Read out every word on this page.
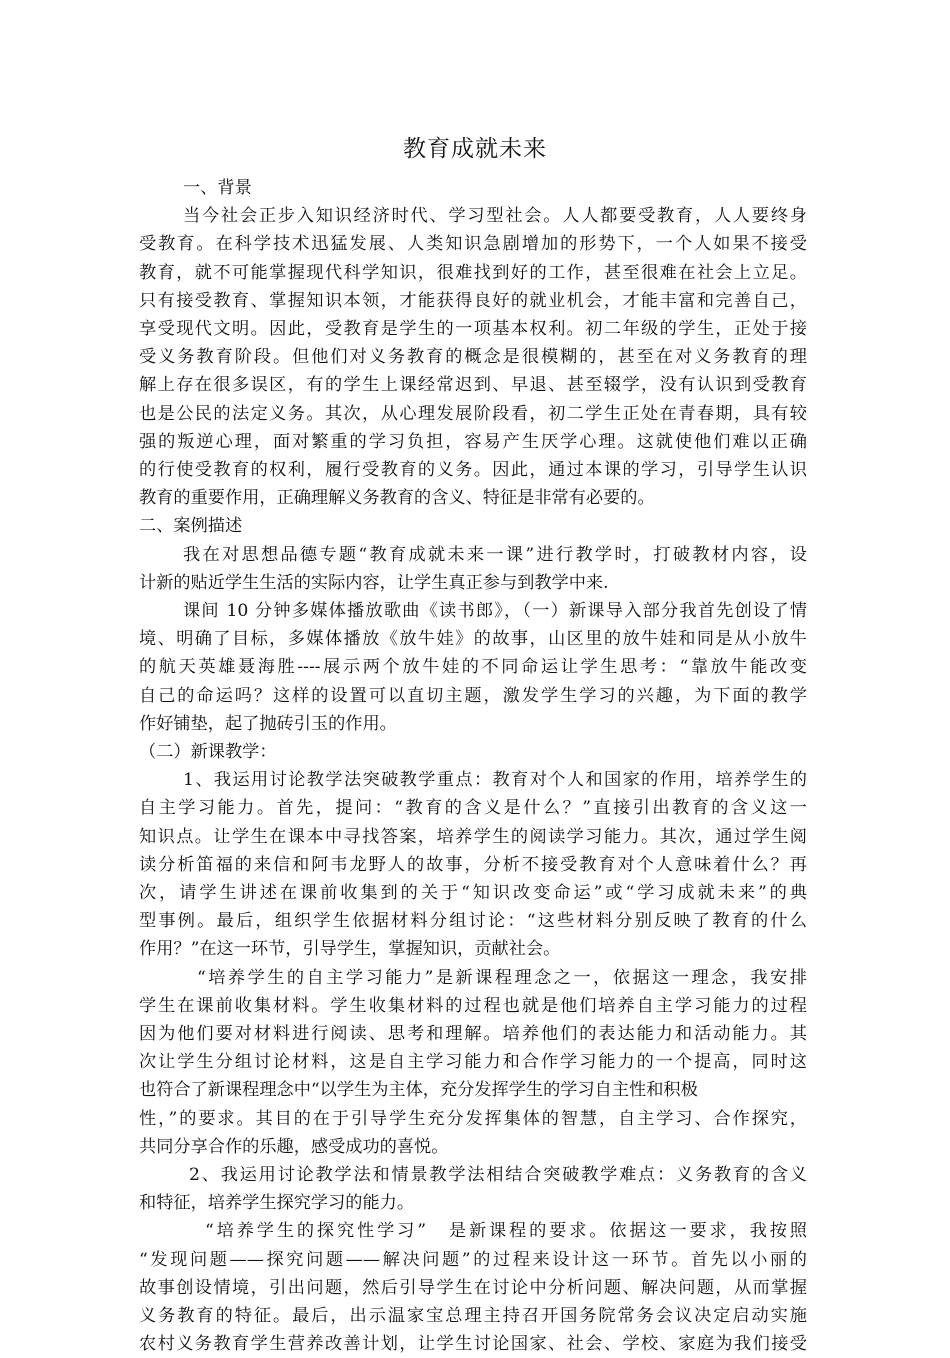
教育成就未来
一、背景
当今社会正步入知识经济时代、学习型社会。人人都要受教育，人人要终身
受教育。在科学技术迅猛发展、人类知识急剧增加的形势下，一个人如果不接受
教育，就不可能掌握现代科学知识，很难找到好的工作，甚至很难在社会上立足。
只有接受教育、掌握知识本领，才能获得良好的就业机会，才能丰富和完善自己，
享受现代文明。因此，受教育是学生的一项基本权利。初二年级的学生，正处于接
受义务教育阶段。但他们对义务教育的概念是很模糊的，甚至在对义务教育的理
解上存在很多误区，有的学生上课经常迟到、早退、甚至辍学，没有认识到受教育
也是公民的法定义务。其次，从心理发展阶段看，初二学生正处在青春期，具有较
强的叛逆心理，面对繁重的学习负担，容易产生厌学心理。这就使他们难以正确
的行使受教育的权利，履行受教育的义务。因此，通过本课的学习，引导学生认识
教育的重要作用，正确理解义务教育的含义、特征是非常有必要的。
二、案例描述
我在对思想品德专题“教育成就未来一课”进行教学时，打破教材内容，设
计新的贴近学生生活的实际内容，让学生真正参与到教学中来.
课间 10 分钟多媒体播放歌曲《读书郎》，（一）新课导入部分我首先创设了情
境、明确了目标，多媒体播放《放牛娃》的故事，山区里的放牛娃和同是从小放牛
的航天英雄聂海胜----展示两个放牛娃的不同命运让学生思考：“靠放牛能改变
自己的命运吗？这样的设置可以直切主题，激发学生学习的兴趣，为下面的教学
作好铺垫，起了抛砖引玉的作用。
（二）新课教学：
1、我运用讨论教学法突破教学重点：教育对个人和国家的作用，培养学生的
自主学习能力。首先，提问：“教育的含义是什么？”直接引出教育的含义这一
知识点。让学生在课本中寻找答案，培养学生的阅读学习能力。其次，通过学生阅
读分析笛福的来信和阿韦龙野人的故事，分析不接受教育对个人意味着什么？再
次，请学生讲述在课前收集到的关于“知识改变命运”或“学习成就未来”的典
型事例。最后，组织学生依据材料分组讨论：“这些材料分别反映了教育的什么
作用？”在这一环节，引导学生，掌握知识，贡献社会。
“培养学生的自主学习能力”是新课程理念之一，依据这一理念，我安排
学生在课前收集材料。学生收集材料的过程也就是他们培养自主学习能力的过程
因为他们要对材料进行阅读、思考和理解。培养他们的表达能力和活动能力。其
次让学生分组讨论材料，这是自主学习能力和合作学习能力的一个提高，同时这
也符合了新课程理念中“以学生为主体，充分发挥学生的学习自主性和积极
性，”的要求。其目的在于引导学生充分发挥集体的智慧，自主学习、合作探究，
共同分享合作的乐趣，感受成功的喜悦。
2、我运用讨论教学法和情景教学法相结合突破教学难点：义务教育的含义
和特征，培养学生探究学习的能力。
“培养学生的探究性学习”　是新课程的要求。依据这一要求，我按照
“发现问题——探究问题——解决问题”的过程来设计这一环节。首先以小丽的
故事创设情境，引出问题，然后引导学生在讨论中分析问题、解决问题，从而掌握
义务教育的特征。最后，出示温家宝总理主持召开国务院常务会议决定启动实施
农村义务教育学生营养改善计划，让学生讨论国家、社会、学校、家庭为我们接受
